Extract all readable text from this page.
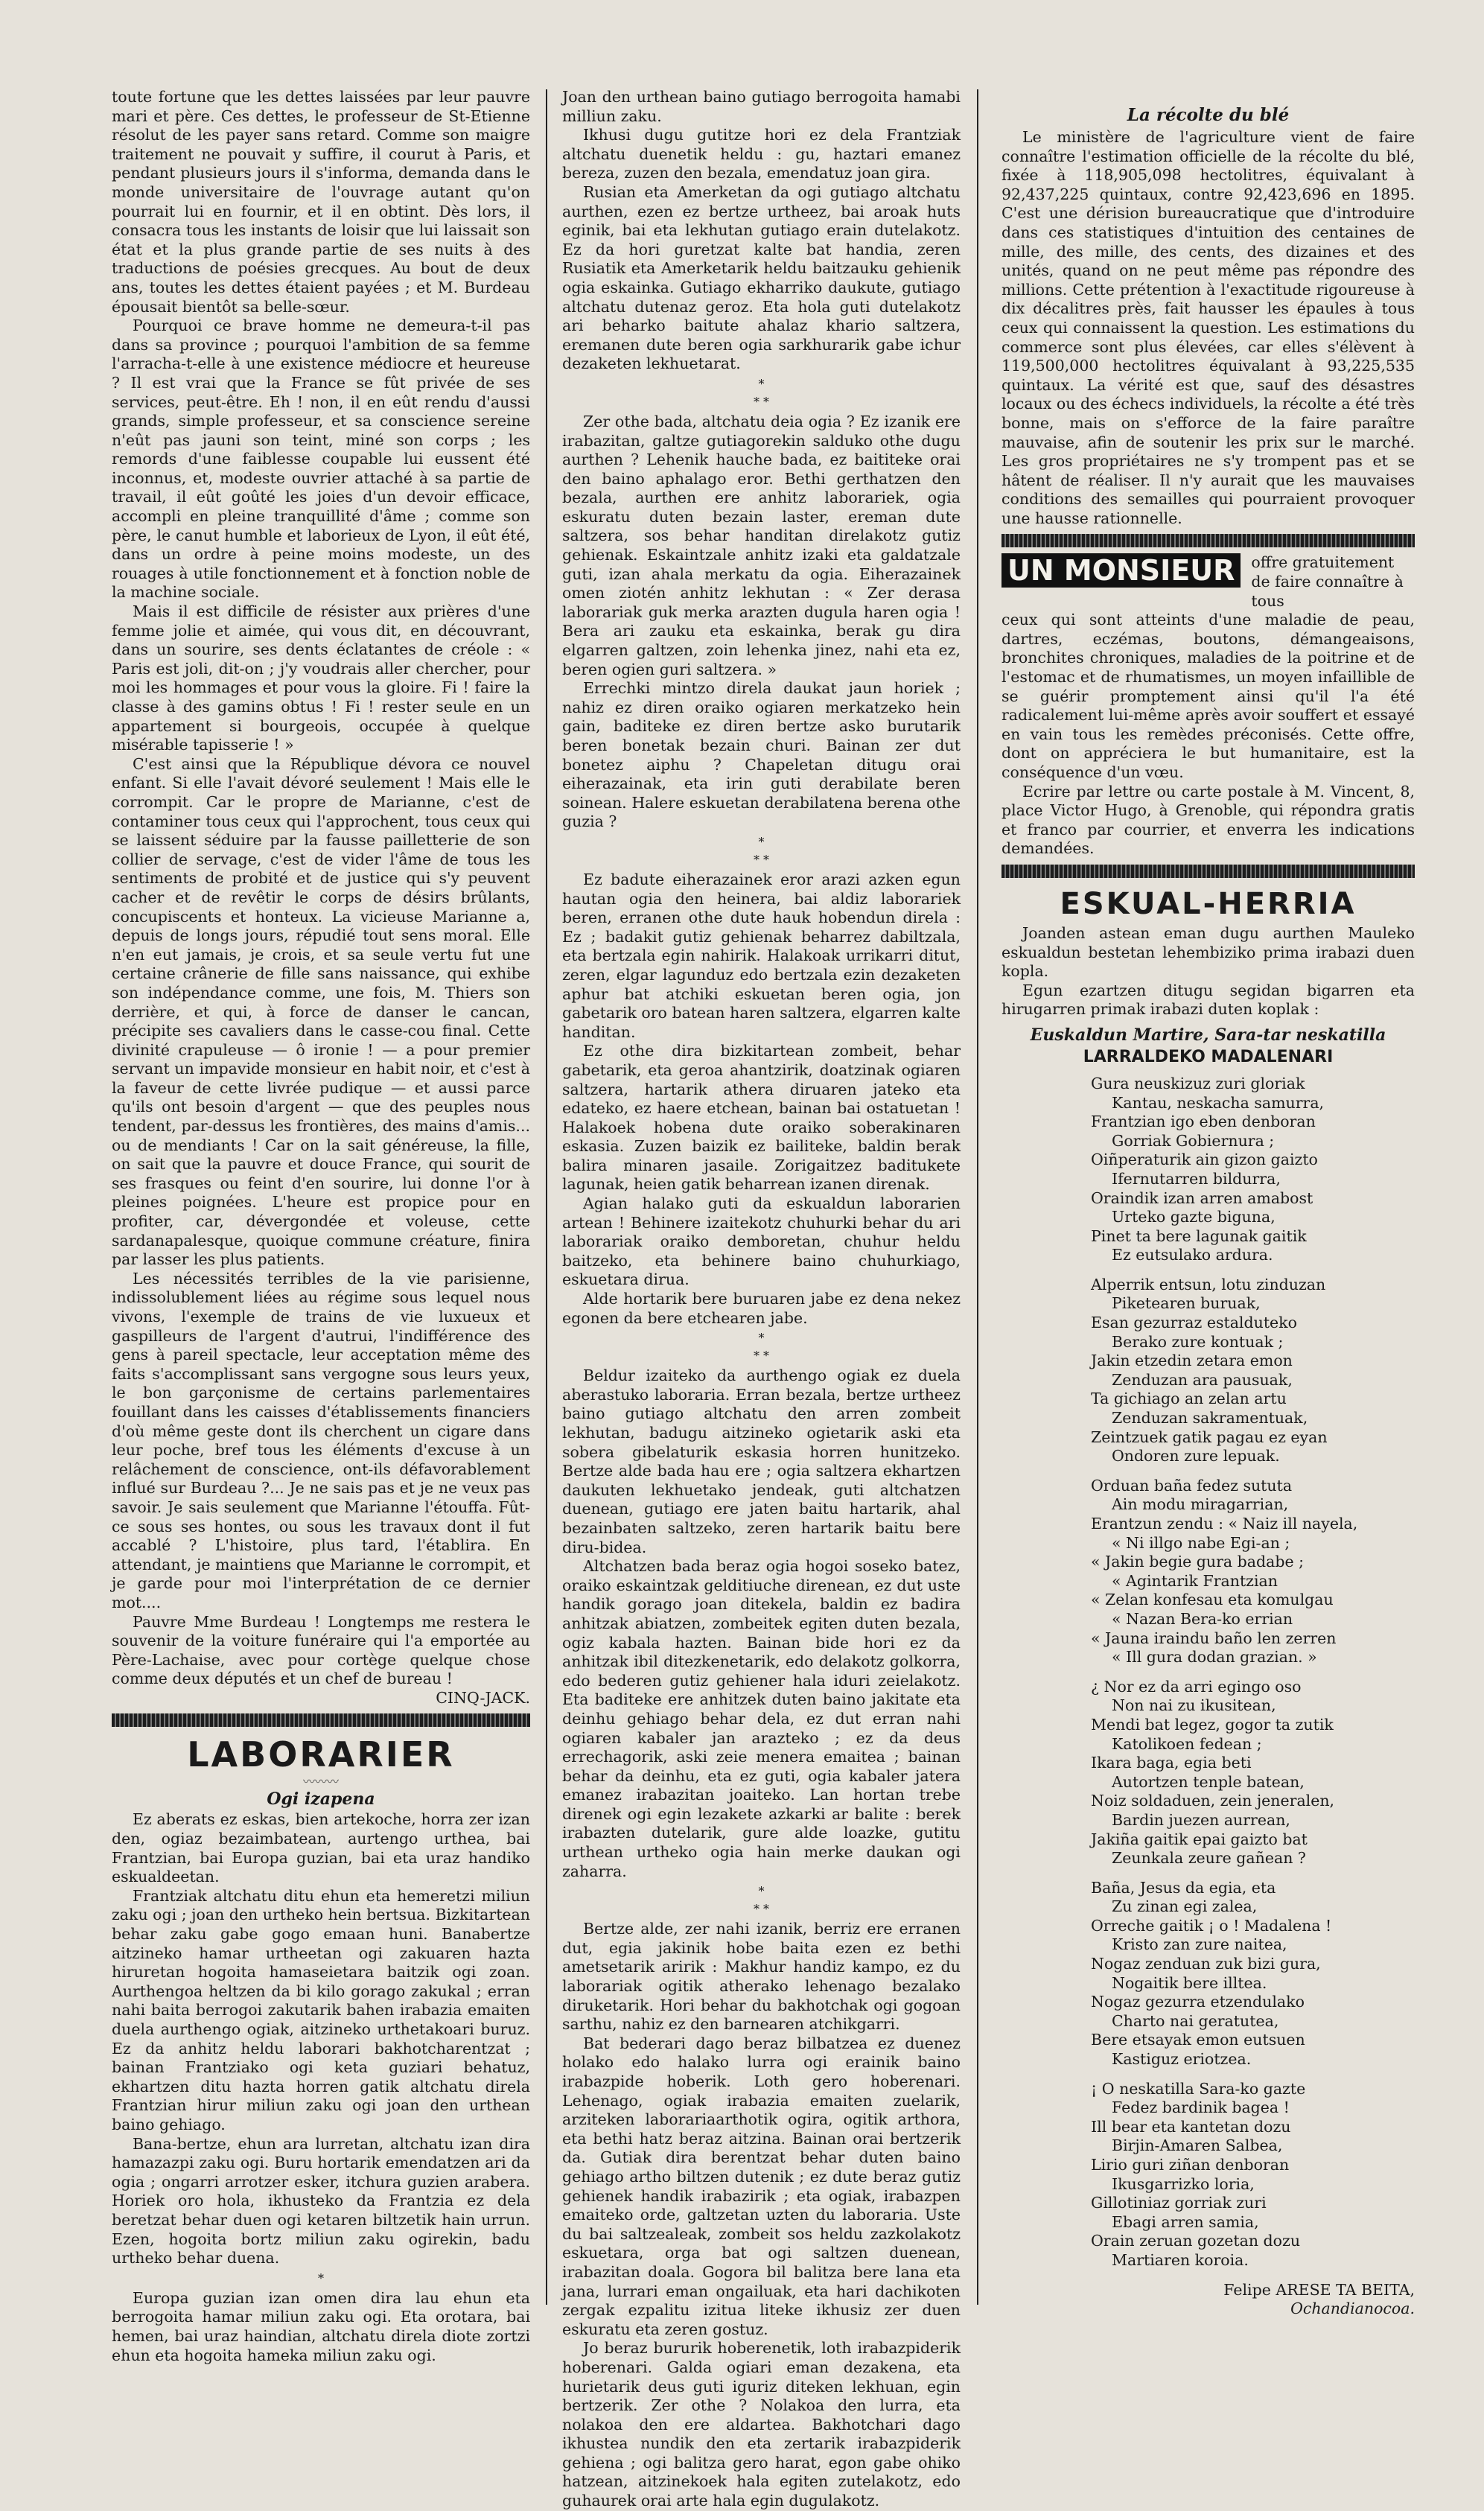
toute fortune que les dettes laissées par leur pauvre mari et père. Ces dettes, le professeur de St-Etienne résolut de les payer sans retard. Comme son maigre traitement ne pouvait y suffire, il courut à Paris, et pendant plusieurs jours il s'informa, demanda dans le monde universitaire de l'ouvrage autant qu'on pourrait lui en fournir, et il en obtint. Dès lors, il consacra tous les instants de loisir que lui laissait son état et la plus grande partie de ses nuits à des traductions de poésies grecques. Au bout de deux ans, toutes les dettes étaient payées ; et M. Burdeau épousait bientôt sa belle-sœur.

Pourquoi ce brave homme ne demeura-t-il pas dans sa province ; pourquoi l'ambition de sa femme l'arracha-t-elle à une existence médiocre et heureuse ? Il est vrai que la France se fût privée de ses services, peut-être. Eh ! non, il en eût rendu d'aussi grands, simple professeur, et sa conscience sereine n'eût pas jauni son teint, miné son corps ; les remords d'une faiblesse coupable lui eussent été inconnus, et, modeste ouvrier attaché à sa partie de travail, il eût goûté les joies d'un devoir efficace, accompli en pleine tranquillité d'âme ; comme son père, le canut humble et laborieux de Lyon, il eût été, dans un ordre à peine moins modeste, un des rouages à utile fonctionnement et à fonction noble de la machine sociale.

Mais il est difficile de résister aux prières d'une femme jolie et aimée, qui vous dit, en découvrant, dans un sourire, ses dents éclatantes de créole : « Paris est joli, dit-on ; j'y voudrais aller chercher, pour moi les hommages et pour vous la gloire. Fi ! faire la classe à des gamins obtus ! Fi ! rester seule en un appartement si bourgeois, occupée à quelque misérable tapisserie ! »

C'est ainsi que la République dévora ce nouvel enfant. Si elle l'avait dévoré seulement ! Mais elle le corrompit. Car le propre de Marianne, c'est de contaminer tous ceux qui l'approchent, tous ceux qui se laissent séduire par la fausse pailletterie de son collier de servage, c'est de vider l'âme de tous les sentiments de probité et de justice qui s'y peuvent cacher et de revêtir le corps de désirs brûlants, concupiscents et honteux. La vicieuse Marianne a, depuis de longs jours, répudié tout sens moral. Elle n'en eut jamais, je crois, et sa seule vertu fut une certaine crânerie de fille sans naissance, qui exhibe son indépendance comme, une fois, M. Thiers son derrière, et qui, à force de danser le cancan, précipite ses cavaliers dans le casse-cou final. Cette divinité crapuleuse — ô ironie ! — a pour premier servant un impavide monsieur en habit noir, et c'est à la faveur de cette livrée pudique — et aussi parce qu'ils ont besoin d'argent — que des peuples nous tendent, par-dessus les frontières, des mains d'amis... ou de mendiants ! Car on la sait généreuse, la fille, on sait que la pauvre et douce France, qui sourit de ses frasques ou feint d'en sourire, lui donne l'or à pleines poignées. L'heure est propice pour en profiter, car, dévergondée et voleuse, cette sardanapalesque, quoique commune créature, finira par lasser les plus patients.

Les nécessités terribles de la vie parisienne, indissolublement liées au régime sous lequel nous vivons, l'exemple de trains de vie luxueux et gaspilleurs de l'argent d'autrui, l'indifférence des gens à pareil spectacle, leur acceptation même des faits s'accomplissant sans vergogne sous leurs yeux, le bon garçonisme de certains parlementaires fouillant dans les caisses d'établissements financiers d'où même geste dont ils cherchent un cigare dans leur poche, bref tous les éléments d'excuse à un relâchement de conscience, ont-ils défavorablement influé sur Burdeau ?... Je ne sais pas et je ne veux pas savoir. Je sais seulement que Marianne l'étouffa. Fût-ce sous ses hontes, ou sous les travaux dont il fut accablé ? L'histoire, plus tard, l'établira. En attendant, je maintiens que Marianne le corrompit, et je garde pour moi l'interprétation de ce dernier mot....

Pauvre Mme Burdeau ! Longtemps me restera le souvenir de la voiture funéraire qui l'a emportée au Père-Lachaise, avec pour cortège quelque chose comme deux députés et un chef de bureau !

CINQ-JACK.

LABORARIER
〰〰〰
Ogi izapena

Ez aberats ez eskas, bien artekoche, horra zer izan den, ogiaz bezaimbatean, aurtengo urthea, bai Frantzian, bai Europa guzian, bai eta uraz handiko eskualdeetan.

Frantziak altchatu ditu ehun eta hemeretzi miliun zaku ogi ; joan den urtheko hein bertsua. Bizkitartean behar zaku gabe gogo emaan huni. Banabertze aitzineko hamar urtheetan ogi zakuaren hazta hiruretan hogoita hamaseietara baitzik ogi zoan. Aurthengoa heltzen da bi kilo gorago zakukal ; erran nahi baita berrogoi zakutarik bahen irabazia emaiten duela aurthengo ogiak, aitzineko urthetakoari buruz. Ez da anhitz heldu laborari bakhotcharentzat ; bainan Frantziako ogi keta guziari behatuz, ekhartzen ditu hazta horren gatik altchatu direla Frantzian hirur miliun zaku ogi joan den urthean baino gehiago.

Bana-bertze, ehun ara lurretan, altchatu izan dira hamazazpi zaku ogi. Buru hortarik emendatzen ari da ogia ; ongarri arrotzer esker, itchura guzien arabera. Horiek oro hola, ikhusteko da Frantzia ez dela beretzat behar duen ogi ketaren biltzetik hain urrun. Ezen, hogoita bortz miliun zaku ogirekin, badu urtheko behar duena.

*

Europa guzian izan omen dira lau ehun eta berrogoita hamar miliun zaku ogi. Eta orotara, bai hemen, bai uraz haindian, altchatu direla diote zortzi ehun eta hogoita hameka miliun zaku ogi.

Joan den urthean baino gutiago berrogoita hamabi milliun zaku.

Ikhusi dugu gutitze hori ez dela Frantziak altchatu duenetik heldu : gu, haztari emanez bereza, zuzen den bezala, emendatuz joan gira.

Rusian eta Amerketan da ogi gutiago altchatu aurthen, ezen ez bertze urtheez, bai aroak huts eginik, bai eta lekhutan gutiago erain dutelakotz. Ez da hori guretzat kalte bat handia, zeren Rusiatik eta Amerketarik heldu baitzauku gehienik ogia eskainka. Gutiago ekharriko daukute, gutiago altchatu dutenaz geroz. Eta hola guti dutelakotz ari beharko baitute ahalaz khario saltzera, eremanen dute beren ogia sarkhurarik gabe ichur dezaketen lekhuetarat.

*
* *

Zer othe bada, altchatu deia ogia ? Ez izanik ere irabazitan, galtze gutiagorekin salduko othe dugu aurthen ? Lehenik hauche bada, ez baititeke orai den baino aphalago eror. Bethi gerthatzen den bezala, aurthen ere anhitz laborariek, ogia eskuratu duten bezain laster, ereman dute saltzera, sos behar handitan direlakotz gutiz gehienak. Eskaintzale anhitz izaki eta galdatzale guti, izan ahala merkatu da ogia. Eiherazainek omen ziotén anhitz lekhutan : « Zer derasa laborariak guk merka arazten dugula haren ogia ! Bera ari zauku eta eskainka, berak gu dira elgarren galtzen, zoin lehenka jinez, nahi eta ez, beren ogien guri saltzera. »

Errechki mintzo direla daukat jaun horiek ; nahiz ez diren oraiko ogiaren merkatzeko hein gain, baditeke ez diren bertze asko burutarik beren bonetak bezain churi. Bainan zer dut bonetez aiphu ? Chapeletan ditugu orai eiherazainak, eta irin guti derabilate beren soinean. Halere eskuetan derabilatena berena othe guzia ?

*
* *

Ez badute eiherazainek eror arazi azken egun hautan ogia den heinera, bai aldiz laborariek beren, erranen othe dute hauk hobendun direla : Ez ; badakit gutiz gehienak beharrez dabiltzala, eta bertzala egin nahirik. Halakoak urrikarri ditut, zeren, elgar lagunduz edo bertzala ezin dezaketen aphur bat atchiki eskuetan beren ogia, jon gabetarik oro batean haren saltzera, elgarren kalte handitan.

Ez othe dira bizkitartean zombeit, behar gabetarik, eta geroa ahantzirik, doatzinak ogiaren saltzera, hartarik athera diruaren jateko eta edateko, ez haere etchean, bainan bai ostatuetan ! Halakoek hobena dute oraiko soberakinaren eskasia. Zuzen baizik ez bailiteke, baldin berak balira minaren jasaile. Zorigaitzez baditukete lagunak, heien gatik beharrean izanen direnak.

Agian halako guti da eskualdun laborarien artean ! Behinere izaitekotz chuhurki behar du ari laborariak oraiko demboretan, chuhur heldu baitzeko, eta behinere baino chuhurkiago, eskuetara dirua.

Alde hortarik bere buruaren jabe ez dena nekez egonen da bere etchearen jabe.

*
* *

Beldur izaiteko da aurthengo ogiak ez duela aberastuko laboraria. Erran bezala, bertze urtheez baino gutiago altchatu den arren zombeit lekhutan, badugu aitzineko ogietarik aski eta sobera gibelaturik eskasia horren hunitzeko. Bertze alde bada hau ere ; ogia saltzera ekhartzen daukuten lekhuetako jendeak, guti altchatzen duenean, gutiago ere jaten baitu hartarik, ahal bezainbaten saltzeko, zeren hartarik baitu bere diru-bidea.

Altchatzen bada beraz ogia hogoi soseko batez, oraiko eskaintzak gelditiuche direnean, ez dut uste handik gorago joan ditekela, baldin ez badira anhitzak abiatzen, zombeitek egiten duten bezala, ogiz kabala hazten. Bainan bide hori ez da anhitzak ibil ditezkenetarik, edo delakotz golkorra, edo bederen gutiz gehiener hala iduri zeielakotz. Eta baditeke ere anhitzek duten baino jakitate eta deinhu gehiago behar dela, ez dut erran nahi ogiaren kabaler jan arazteko ; ez da deus errechagorik, aski zeie menera emaitea ; bainan behar da deinhu, eta ez guti, ogia kabaler jatera emanez irabazitan joaiteko. Lan hortan trebe direnek ogi egin lezakete azkarki ar balite : berek irabazten dutelarik, gure alde loazke, gutitu urthean urtheko ogia hain merke daukan ogi zaharra.

*
* *

Bertze alde, zer nahi izanik, berriz ere erranen dut, egia jakinik hobe baita ezen ez bethi ametsetarik aririk : Makhur handiz kampo, ez du laborariak ogitik atherako lehenago bezalako diruketarik. Hori behar du bakhotchak ogi gogoan sarthu, nahiz ez den barnearen atchikgarri.

Bat bederari dago beraz bilbatzea ez duenez holako edo halako lurra ogi erainik baino irabazpide hoberik. Loth gero hoberenari. Lehenago, ogiak irabazia emaiten zuelarik, arziteken laborariaarthotik ogira, ogitik arthora, eta bethi hatz beraz aitzina. Bainan orai bertzerik da. Gutiak dira berentzat behar duten baino gehiago artho biltzen dutenik ; ez dute beraz gutiz gehienek handik irabazirik ; eta ogiak, irabazpen emaiteko orde, galtzetan uzten du laboraria. Uste du bai saltzealeak, zombeit sos heldu zazkolakotz eskuetara, orga bat ogi saltzen duenean, irabazitan doala. Gogora bil balitza bere lana eta jana, lurrari eman ongailuak, eta hari dachikoten zergak ezpalitu izitua liteke ikhusiz zer duen eskuratu eta zeren gostuz.

Jo beraz bururik hoberenetik, loth irabazpiderik hoberenari. Galda ogiari eman dezakena, eta hurietarik deus guti iguriz diteken lekhuan, egin bertzerik. Zer othe ? Nolakoa den lurra, eta nolakoa den ere aldartea. Bakhotchari dago ikhustea nundik den eta zertarik irabazpiderik gehiena ; ogi balitza gero harat, egon gabe ohiko hatzean, aitzinekoek hala egiten zutelakotz, edo guhaurek orai arte hala egin dugulakotz.

La récolte du blé

Le ministère de l'agriculture vient de faire connaître l'estimation officielle de la récolte du blé, fixée à 118,905,098 hectolitres, équivalant à 92,437,225 quintaux, contre 92,423,696 en 1895. C'est une dérision bureaucratique que d'introduire dans ces statistiques d'intuition des centaines de mille, des mille, des cents, des dizaines et des unités, quand on ne peut même pas répondre des millions. Cette prétention à l'exactitude rigoureuse à dix décalitres près, fait hausser les épaules à tous ceux qui connaissent la question. Les estimations du commerce sont plus élevées, car elles s'élèvent à 119,500,000 hectolitres équivalant à 93,225,535 quintaux. La vérité est que, sauf des désastres locaux ou des échecs individuels, la récolte a été très bonne, mais on s'efforce de la faire paraître mauvaise, afin de soutenir les prix sur le marché. Les gros propriétaires ne s'y trompent pas et se hâtent de réaliser. Il n'y aurait que les mauvaises conditions des semailles qui pourraient provoquer une hausse rationnelle.

UN MONSIEUR	offre gratuitement de faire connaître à tous

ceux qui sont atteints d'une maladie de peau, dartres, eczémas, boutons, démangeaisons, bronchites chroniques, maladies de la poitrine et de l'estomac et de rhumatismes, un moyen infaillible de se guérir promptement ainsi qu'il l'a été radicalement lui-même après avoir souffert et essayé en vain tous les remèdes préconisés. Cette offre, dont on appréciera le but humanitaire, est la conséquence d'un vœu.

Ecrire par lettre ou carte postale à M. Vincent, 8, place Victor Hugo, à Grenoble, qui répondra gratis et franco par courrier, et enverra les indications demandées.

ESKUAL-HERRIA

Joanden astean eman dugu aurthen Mauleko eskualdun bestetan lehembiziko prima irabazi duen kopla.

Egun ezartzen ditugu segidan bigarren eta hirugarren primak irabazi duten koplak :

Euskaldun Martire, Sara-tar neskatilla
LARRALDEKO MADALENARI
Gura neuskizuz zuri gloriak
Kantau, neskacha samurra,
Frantzian igo eben denboran
Gorriak Gobiernura ;
Oiñperaturik ain gizon gaizto
Ifernutarren bildurra,
Oraindik izan arren amabost
Urteko gazte biguna,
Pinet ta bere lagunak gaitik
Ez eutsulako ardura.
Alperrik entsun, lotu zinduzan
Piketearen buruak,
Esan gezurraz estalduteko
Berako zure kontuak ;
Jakin etzedin zetara emon
Zenduzan ara pausuak,
Ta gichiago an zelan artu
Zenduzan sakramentuak,
Zeintzuek gatik pagau ez eyan
Ondoren zure lepuak.
Orduan baña fedez sututa
Ain modu miragarrian,
Erantzun zendu : « Naiz ill nayela,
« Ni illgo nabe Egi-an ;
« Jakin begie gura badabe ;
« Agintarik Frantzian
« Zelan konfesau eta komulgau
« Nazan Bera-ko errian
« Jauna iraindu baño len zerren
« Ill gura dodan grazian. »
¿ Nor ez da arri egingo oso
Non nai zu ikusitean,
Mendi bat legez, gogor ta zutik
Katolikoen fedean ;
Ikara baga, egia beti
Autortzen tenple batean,
Noiz soldaduen, zein jeneralen,
Bardin juezen aurrean,
Jakiña gaitik epai gaizto bat
Zeunkala zeure gañean ?
Baña, Jesus da egia, eta
Zu zinan egi zalea,
Orreche gaitik ¡ o ! Madalena !
Kristo zan zure naitea,
Nogaz zenduan zuk bizi gura,
Nogaitik bere illtea.
Nogaz gezurra etzendulako
Charto nai geratutea,
Bere etsayak emon eutsuen
Kastiguz eriotzea.
¡ O neskatilla Sara-ko gazte
Fedez bardinik bagea !
Ill bear eta kantetan dozu
Birjin-Amaren Salbea,
Lirio guri ziñan denboran
Ikusgarrizko loria,
Gillotiniaz gorriak zuri
Ebagi arren samia,
Orain zeruan gozetan dozu
Martiaren koroia.

Felipe ARESE TA BEITA,

Ochandianocoa.
